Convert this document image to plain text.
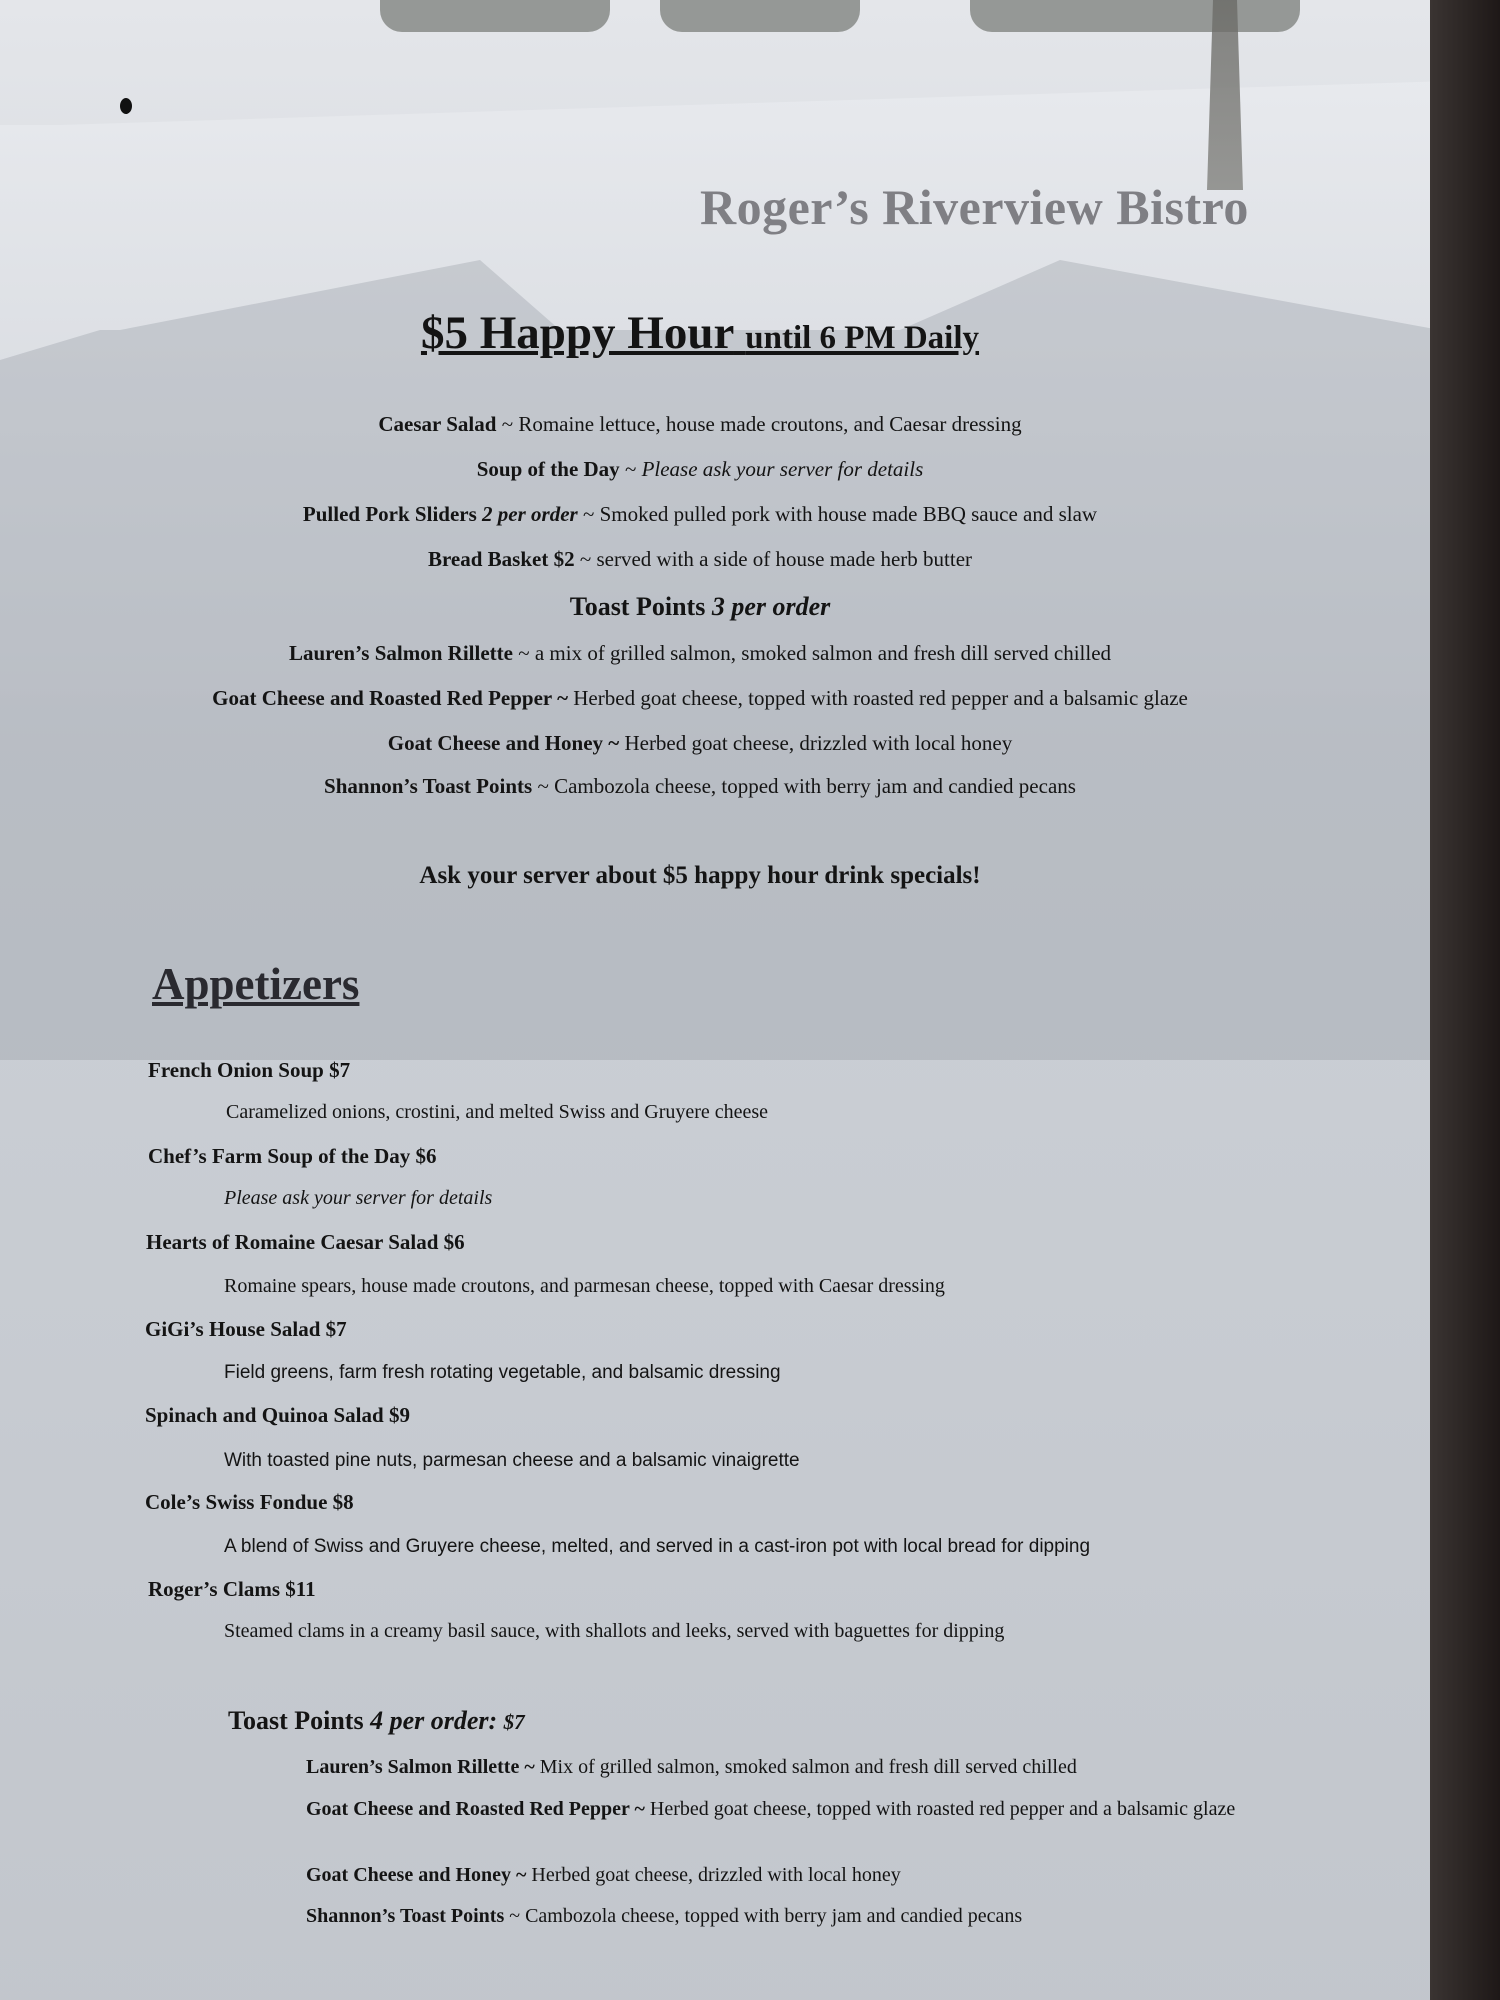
Roger’s Riverview Bistro
$5 Happy Hour until 6 PM Daily
Caesar Salad ~ Romaine lettuce, house made croutons, and Caesar dressing
Soup of the Day ~ Please ask your server for details
Pulled Pork Sliders 2 per order ~ Smoked pulled pork with house made BBQ sauce and slaw
Bread Basket $2 ~ served with a side of house made herb butter
Toast Points 3 per order
Lauren’s Salmon Rillette ~ a mix of grilled salmon, smoked salmon and fresh dill served chilled
Goat Cheese and Roasted Red Pepper ~ Herbed goat cheese, topped with roasted red pepper and a balsamic glaze
Goat Cheese and Honey ~ Herbed goat cheese, drizzled with local honey
Shannon’s Toast Points ~ Cambozola cheese, topped with berry jam and candied pecans
Ask your server about $5 happy hour drink specials!
Appetizers
French Onion Soup $7
Caramelized onions, crostini, and melted Swiss and Gruyere cheese
Chef’s Farm Soup of the Day $6
Please ask your server for details
Hearts of Romaine Caesar Salad $6
Romaine spears, house made croutons, and parmesan cheese, topped with Caesar dressing
GiGi’s House Salad $7
Field greens, farm fresh rotating vegetable, and balsamic dressing
Spinach and Quinoa Salad $9
With toasted pine nuts, parmesan cheese and a balsamic vinaigrette
Cole’s Swiss Fondue $8
A blend of Swiss and Gruyere cheese, melted, and served in a cast-iron pot with local bread for dipping
Roger’s Clams $11
Steamed clams in a creamy basil sauce, with shallots and leeks, served with baguettes for dipping
Toast Points 4 per order: $7
Lauren’s Salmon Rillette ~ Mix of grilled salmon, smoked salmon and fresh dill served chilled
Goat Cheese and Roasted Red Pepper ~ Herbed goat cheese, topped with roasted red pepper and a balsamic glaze
Goat Cheese and Honey ~ Herbed goat cheese, drizzled with local honey
Shannon’s Toast Points ~ Cambozola cheese, topped with berry jam and candied pecans
